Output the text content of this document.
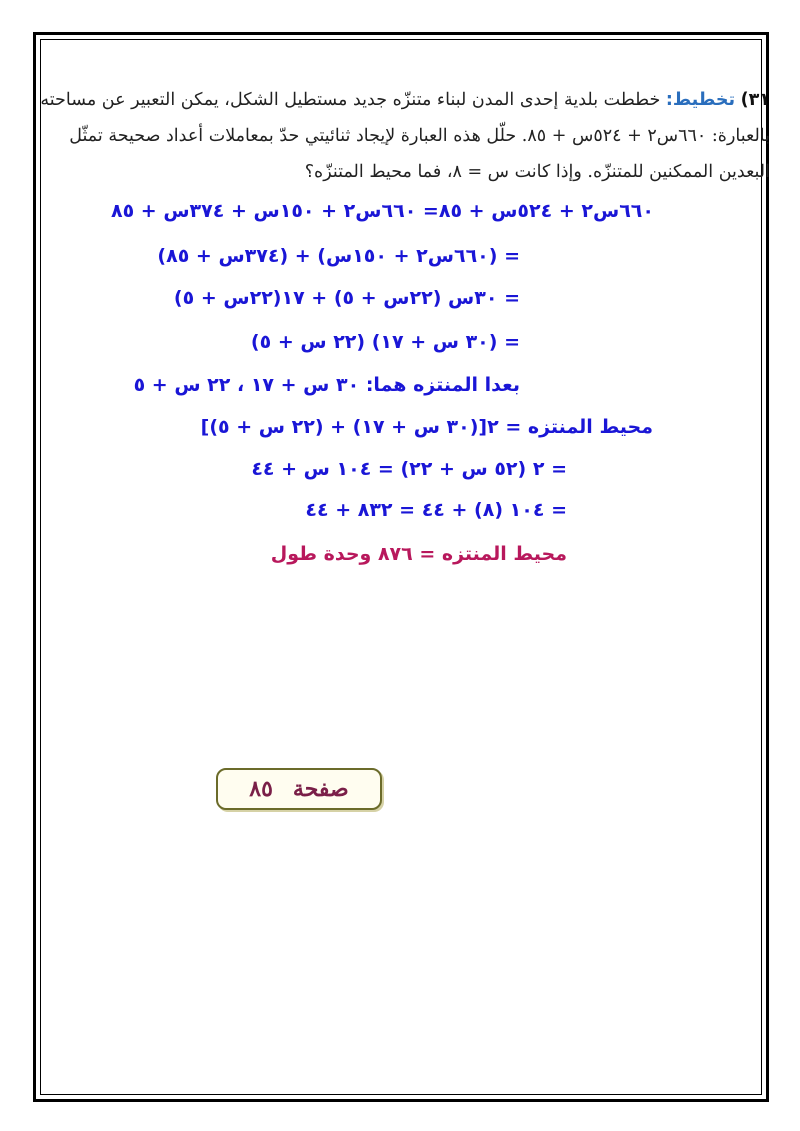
٣١) تخطيط: خططت بلدية إحدى المدن لبناء متنزّه جديد مستطيل الشكل، يمكن التعبير عن مساحته
بالعبارة: ٦٦٠س٢ + ٥٢٤س + ٨٥. حلّل هذه العبارة لإيجاد ثنائيتي حدّ بمعاملات أعداد صحيحة تمثّل
البعدين الممكنين للمتنزّه. وإذا كانت س = ٨، فما محيط المتنزّه؟
٦٦٠س٢ + ٥٢٤س + ٨٥= ٦٦٠س٢ + ١٥٠س + ٣٧٤س + ٨٥
= (٦٦٠س٢ + ١٥٠س) + (٣٧٤س + ٨٥)
= ٣٠س (٢٢س + ٥) + ١٧(٢٢س + ٥)
= (٣٠ س + ١٧) (٢٢ س + ٥)
بعدا المنتزه هما: ٣٠ س + ١٧ ، ٢٢ س + ٥
محيط المنتزه = ٢[(٣٠ س + ١٧) + (٢٢ س + ٥)]
= ٢ (٥٢ س + ٢٢) = ١٠٤ س + ٤٤
= ١٠٤ (٨) + ٤٤ = ٨٣٢ + ٤٤
محيط المنتزه = ٨٧٦ وحدة طول
صفحة
٨٥
